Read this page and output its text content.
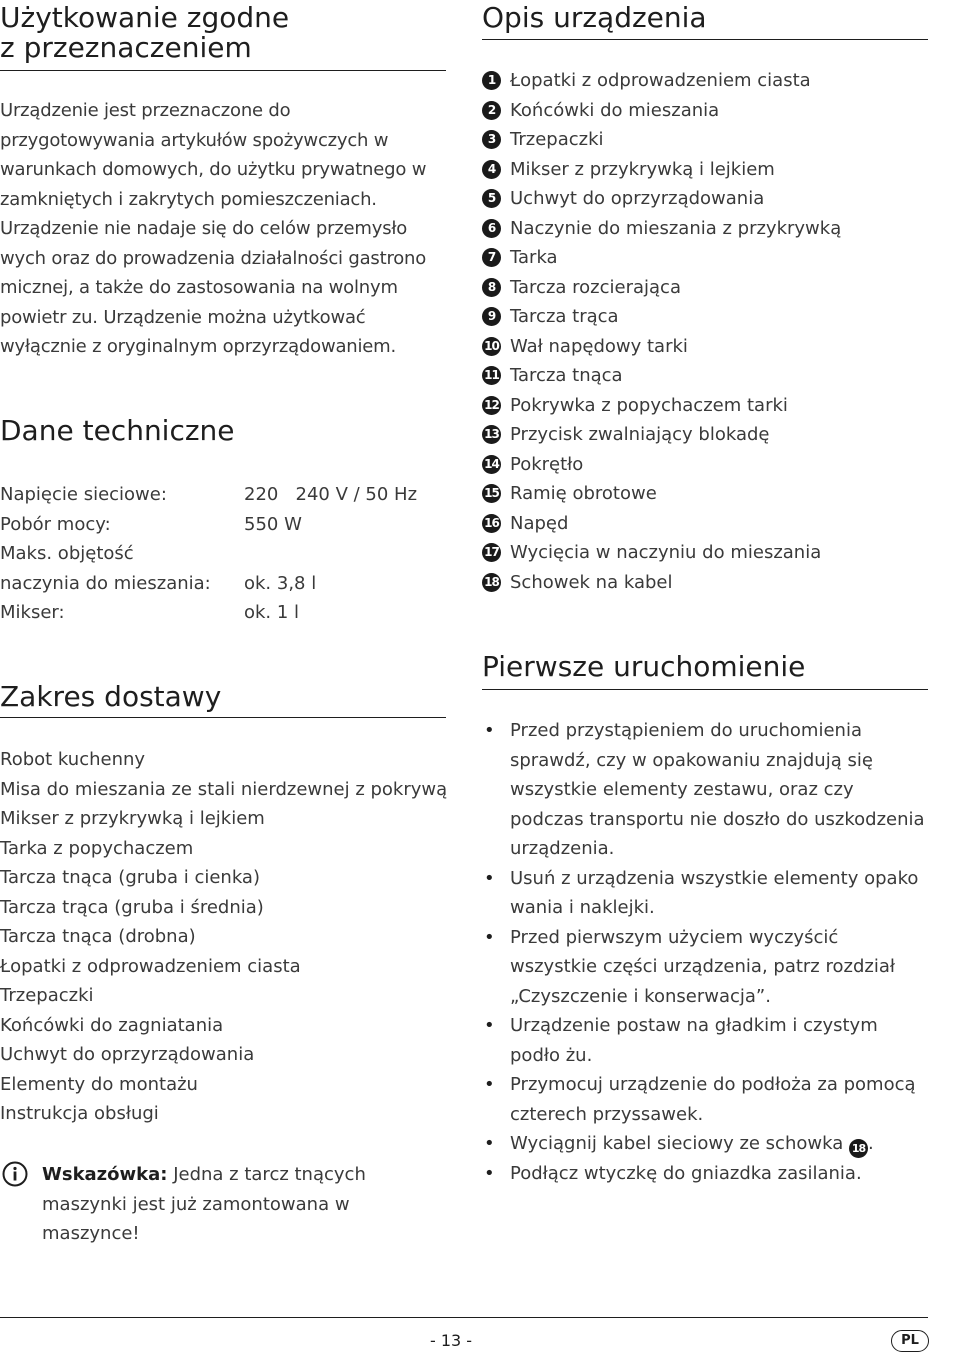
Użytkowanie zgodne
z przeznaczeniem

Urządzenie jest przeznaczone do przygotowywania artykułów spożywczych w warunkach domowych, do użytku prywatnego w zamkniętych i zakrytych pomieszczeniach. Urządzenie nie nadaje się do celów przemysło wych oraz do prowadzenia działalności gastrono micznej, a także do zastosowania na wolnym powietr zu. Urządzenie można użytkować wyłącznie z oryginalnym oprzyrządowaniem.

Dane techniczne
Napięcie sieciowe:	220   240 V / 50 Hz
Pobór mocy:	550 W
Maks. objętość
naczynia do mieszania: ok. 3,8 l
Mikser:	ok. 1 l
Zakres dostawy
Robot kuchenny
Misa do mieszania ze stali nierdzewnej z pokrywą
Mikser z przykrywką i lejkiem
Tarka z popychaczem
Tarcza tnąca (gruba i cienka)
Tarcza trąca (gruba i średnia)
Tarcza tnąca (drobna)
Łopatki z odprowadzeniem ciasta
Trzepaczki
Końcówki do zagniatania
Uchwyt do oprzyrządowania
Elementy do montażu
Instrukcja obsługi
Wskazówka: Jedna z tarcz tnących maszynki jest już zamontowana w maszynce!
Opis urządzenia
1 Łopatki z odprowadzeniem ciasta
2 Końcówki do mieszania
3 Trzepaczki
4 Mikser z przykrywką i lejkiem
5 Uchwyt do oprzyrządowania
6 Naczynie do mieszania z przykrywką
7 Tarka
8 Tarcza rozcierająca
9 Tarcza trąca
10 Wał napędowy tarki
11 Tarcza tnąca
12 Pokrywka z popychaczem tarki
13 Przycisk zwalniający blokadę
14 Pokrętło
15 Ramię obrotowe
16 Napęd
17 Wycięcia w naczyniu do mieszania
18 Schowek na kabel
Pierwsze uruchomienie
• Przed przystąpieniem do uruchomienia sprawdź, czy w opakowaniu znajdują się wszystkie elementy zestawu, oraz czy podczas transportu nie doszło do uszkodzenia urządzenia.
• Usuń z urządzenia wszystkie elementy opako wania i naklejki.
• Przed pierwszym użyciem wyczyścić wszystkie części urządzenia, patrz rozdział „Czyszczenie i konserwacja”.
• Urządzenie postaw na gładkim i czystym podło żu.
• Przymocuj urządzenie do podłoża za pomocą czterech przyssawek.
• Wyciągnij kabel sieciowy ze schowka 18 .
• Podłącz wtyczkę do gniazdka zasilania.
- 13 -	PL
